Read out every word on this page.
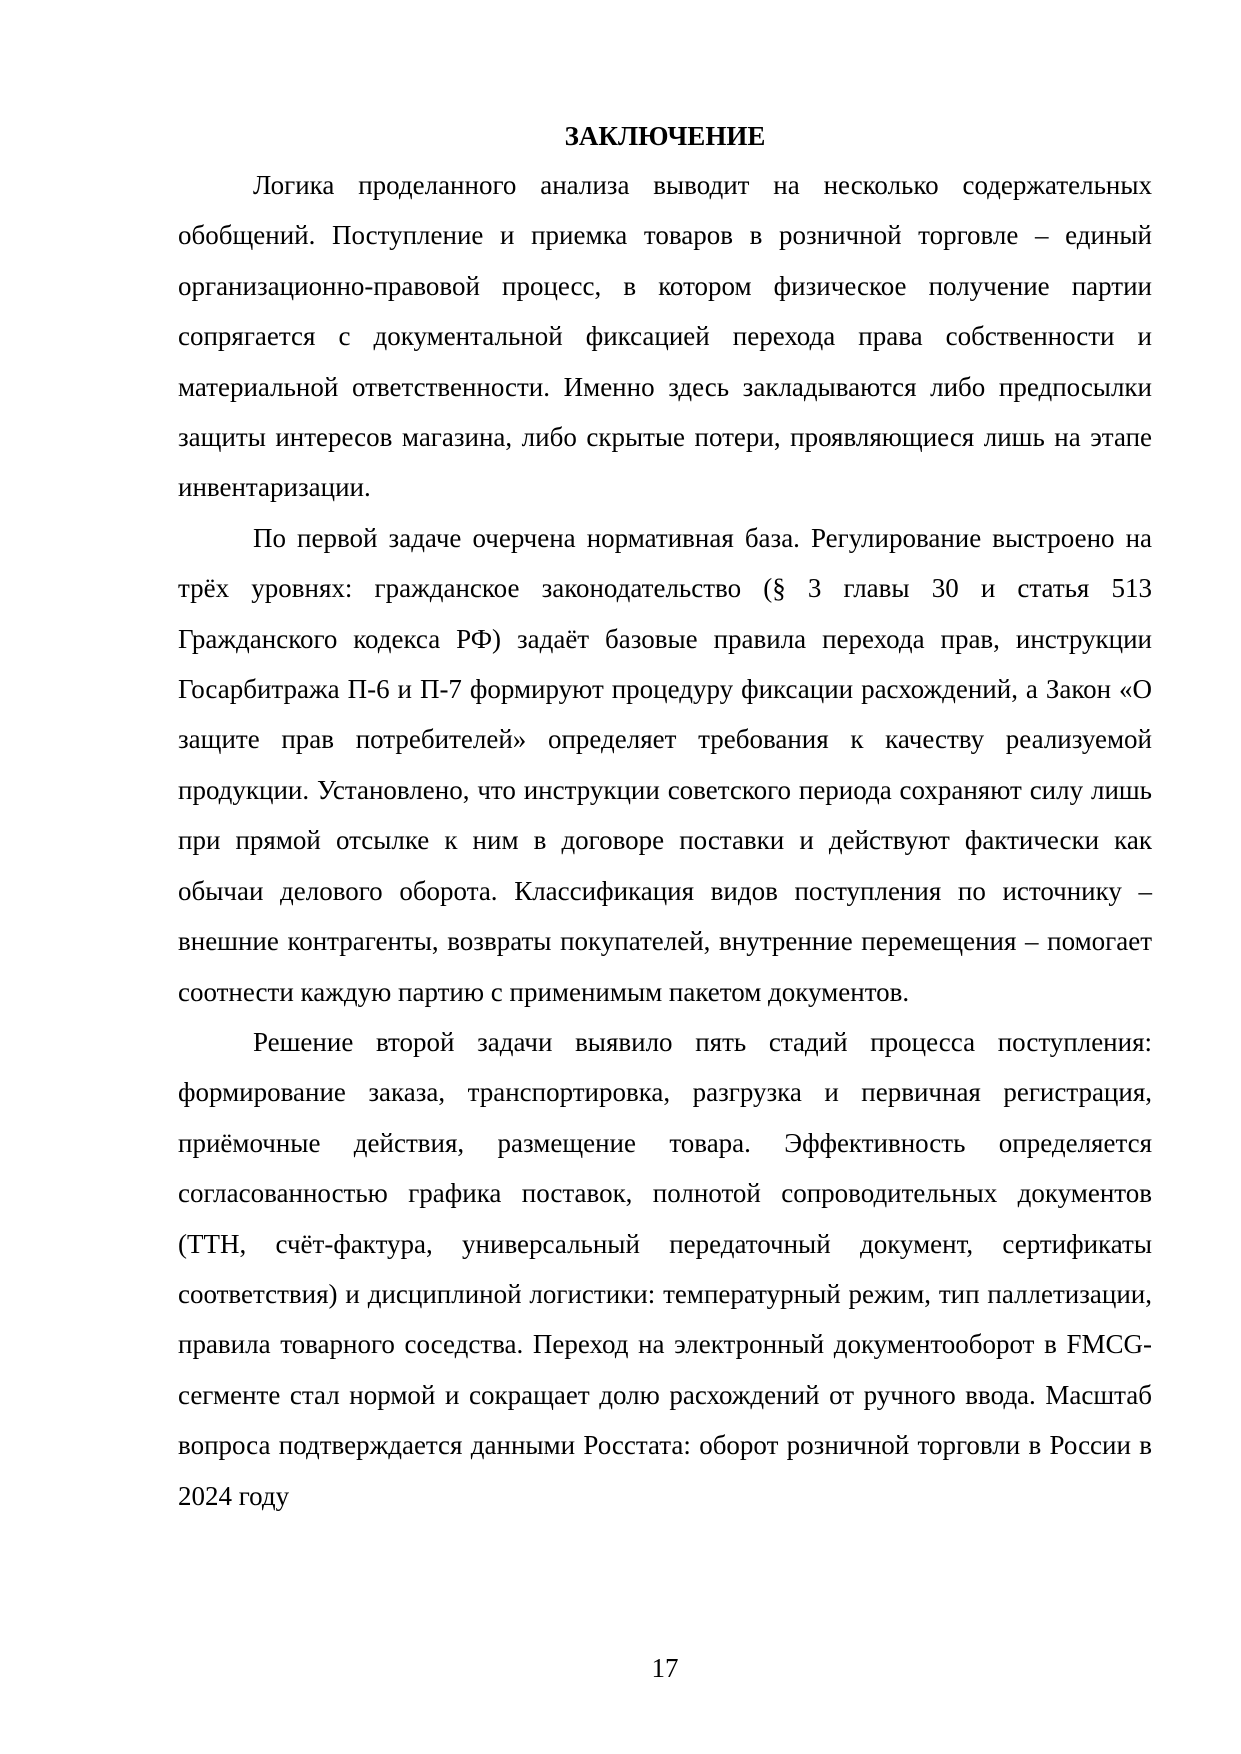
ЗАКЛЮЧЕНИЕ

Логика проделанного анализа выводит на несколько содержательных обобщений. Поступление и приемка товаров в розничной торговле – единый организационно-правовой процесс, в котором физическое получение партии сопрягается с документальной фиксацией перехода права собственности и материальной ответственности. Именно здесь закладываются либо предпосылки защиты интересов магазина, либо скрытые потери, проявляющиеся лишь на этапе инвентаризации.

По первой задаче очерчена нормативная база. Регулирование выстроено на трёх уровнях: гражданское законодательство (§ 3 главы 30 и статья 513 Гражданского кодекса РФ) задаёт базовые правила перехода прав, инструкции Госарбитража П-6 и П-7 формируют процедуру фиксации расхождений, а Закон «О защите прав потребителей» определяет требования к качеству реализуемой продукции. Установлено, что инструкции советского периода сохраняют силу лишь при прямой отсылке к ним в договоре поставки и действуют фактически как обычаи делового оборота. Классификация видов поступления по источнику – внешние контрагенты, возвраты покупателей, внутренние перемещения – помогает соотнести каждую партию с применимым пакетом документов.

Решение второй задачи выявило пять стадий процесса поступления: формирование заказа, транспортировка, разгрузка и первичная регистрация, приёмочные действия, размещение товара. Эффективность определяется согласованностью графика поставок, полнотой сопроводительных документов (ТТН, счёт-фактура, универсальный передаточный документ, сертификаты соответствия) и дисциплиной логистики: температурный режим, тип паллетизации, правила товарного соседства. Переход на электронный документооборот в FMCG-сегменте стал нормой и сокращает долю расхождений от ручного ввода. Масштаб вопроса подтверждается данными Росстата: оборот розничной торговли в России в 2024 году

17
